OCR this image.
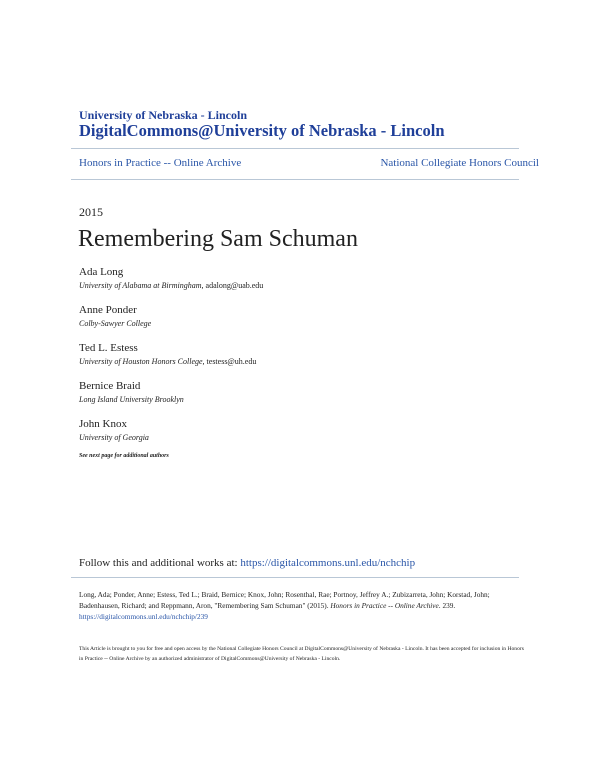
University of Nebraska - Lincoln
DigitalCommons@University of Nebraska - Lincoln
Honors in Practice -- Online Archive	National Collegiate Honors Council
2015
Remembering Sam Schuman
Ada Long
University of Alabama at Birmingham, adalong@uab.edu
Anne Ponder
Colby-Sawyer College
Ted L. Estess
University of Houston Honors College, testess@uh.edu
Bernice Braid
Long Island University Brooklyn
John Knox
University of Georgia
See next page for additional authors
Follow this and additional works at: https://digitalcommons.unl.edu/nchchip
Long, Ada; Ponder, Anne; Estess, Ted L.; Braid, Bernice; Knox, John; Rosenthal, Rae; Portnoy, Jeffrey A.; Zubizarreta, John; Korstad, John; Badenhausen, Richard; and Reppmann, Aron, "Remembering Sam Schuman" (2015). Honors in Practice -- Online Archive. 239.
https://digitalcommons.unl.edu/nchchip/239
This Article is brought to you for free and open access by the National Collegiate Honors Council at DigitalCommons@University of Nebraska - Lincoln. It has been accepted for inclusion in Honors in Practice -- Online Archive by an authorized administrator of DigitalCommons@University of Nebraska - Lincoln.
